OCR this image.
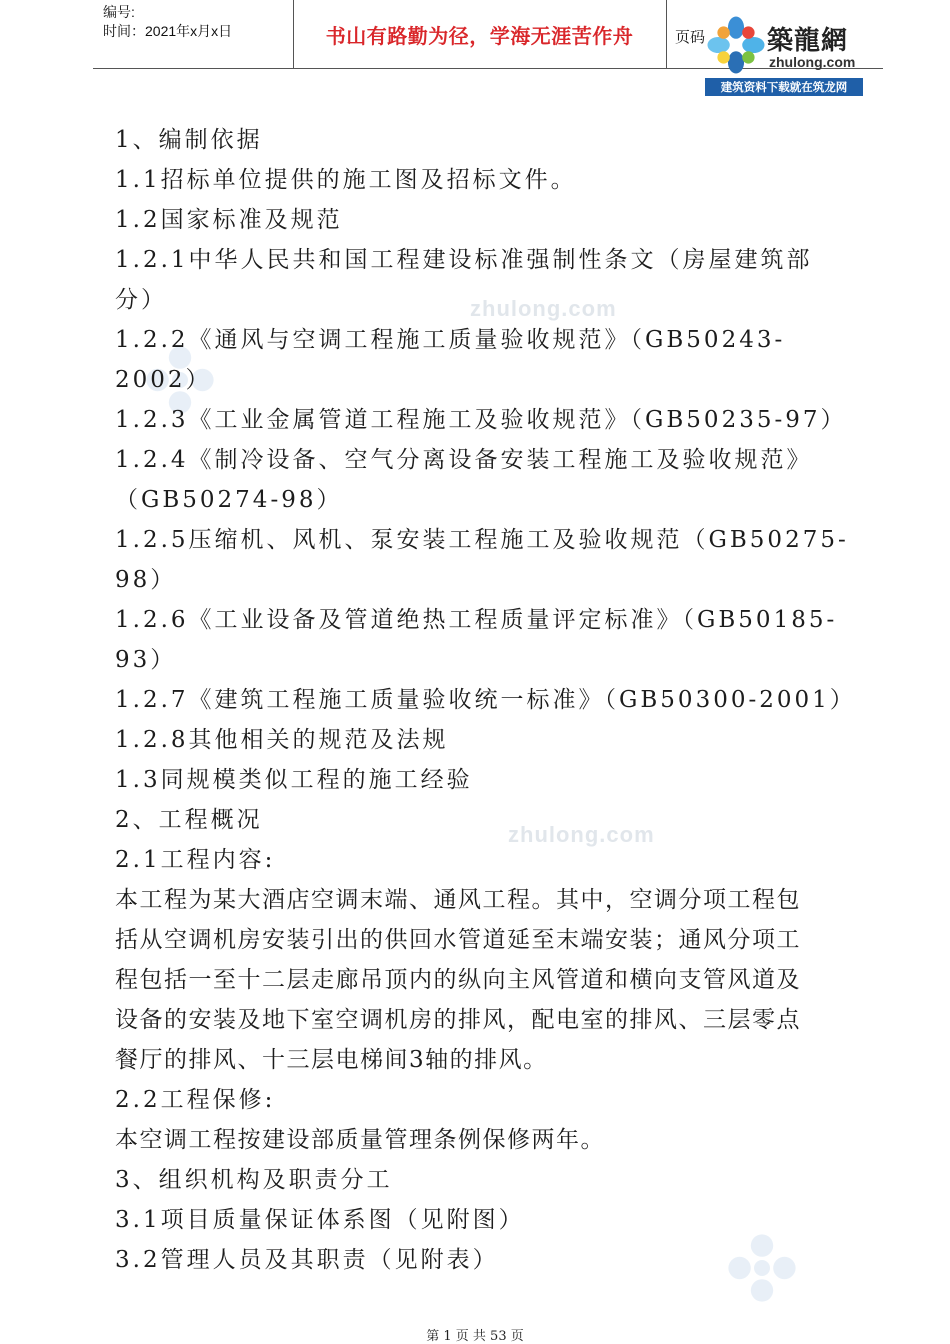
zhulong.com
zhulong.com
编号:
时间：2021年x月x日	书山有路勤为径，学海无涯苦作舟	页码 築龍網
zhulong.com
建筑资料下载就在筑龙网
1、编制依据
1.1招标单位提供的施工图及招标文件。
1.2国家标准及规范
1.2.1中华人民共和国工程建设标准强制性条文（房屋建筑部
分）
1.2.2《通风与空调工程施工质量验收规范》（GB50243-2002）
1.2.3《工业金属管道工程施工及验收规范》（GB50235-97）
1.2.4《制冷设备、空气分离设备安装工程施工及验收规范》
（GB50274-98）
1.2.5压缩机、风机、泵安装工程施工及验收规范（GB50275-
98）
1.2.6《工业设备及管道绝热工程质量评定标准》（GB50185-
93）
1.2.7《建筑工程施工质量验收统一标准》（GB50300-2001）
1.2.8其他相关的规范及法规
1.3同规模类似工程的施工经验
2、工程概况
2.1工程内容:
本工程为某大酒店空调末端、通风工程。其中，空调分项工程包
括从空调机房安装引出的供回水管道延至末端安装；通风分项工
程包括一至十二层走廊吊顶内的纵向主风管道和横向支管风道及
设备的安装及地下室空调机房的排风，配电室的排风、三层零点
餐厅的排风、十三层电梯间3轴的排风。
2.2工程保修:
本空调工程按建设部质量管理条例保修两年。
3、组织机构及职责分工
3.1项目质量保证体系图（见附图）
3.2管理人员及其职责（见附表）
第 1 页 共 53 页
